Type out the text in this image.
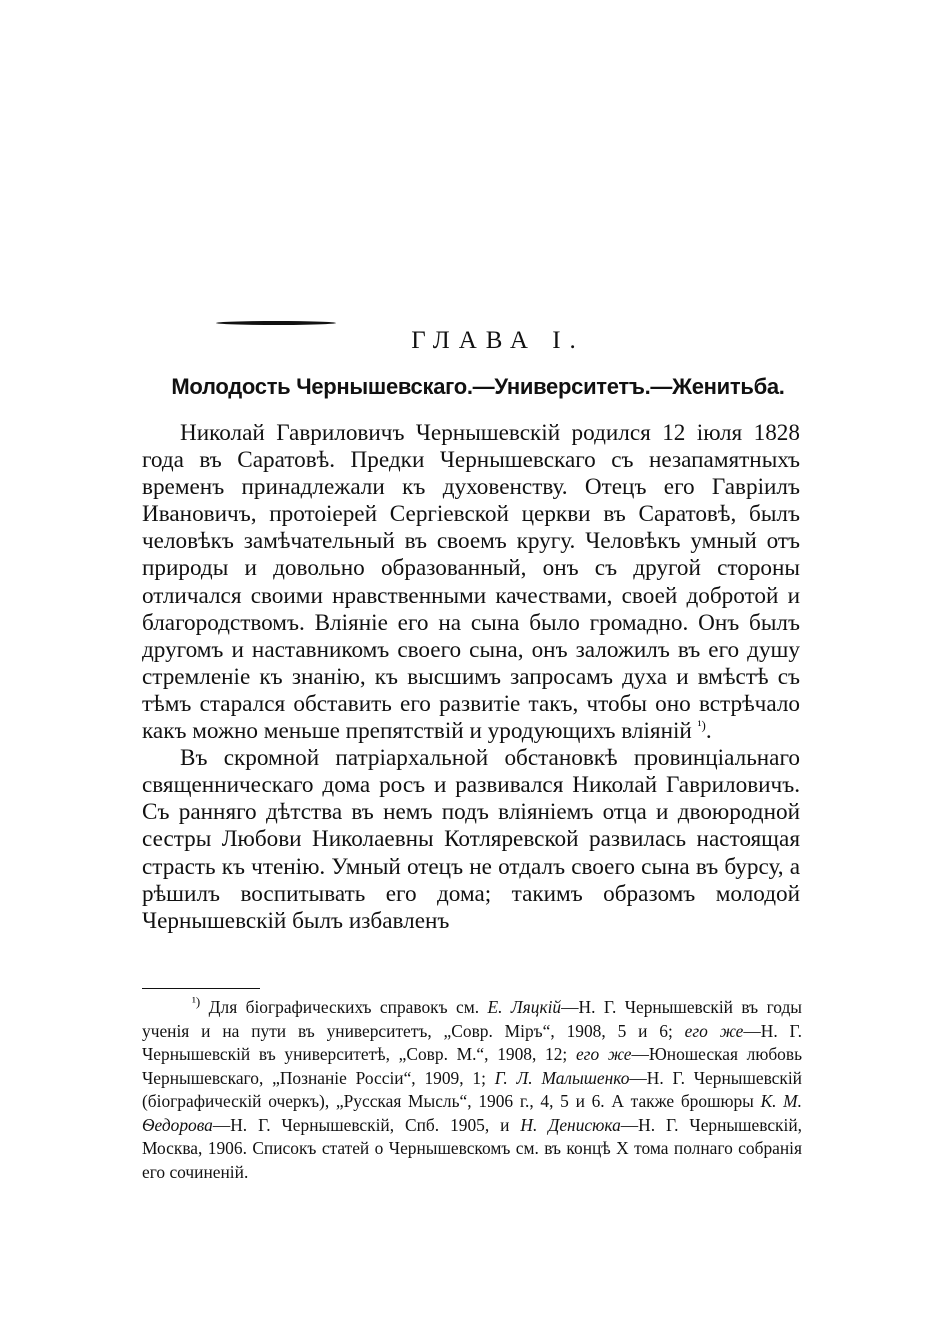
ГЛАВА I.
Молодость Чернышевскаго.—Университетъ.—Женитьба.

Николай Гавриловичъ Чернышевскій родился 12 іюля 1828 года въ Саратовѣ. Предки Чернышевскаго съ незапамятныхъ временъ принадлежали къ духовенству. Отецъ его Гавріилъ Ивановичъ, протоіерей Сергіевской церкви въ Саратовѣ, былъ человѣкъ замѣчательный въ своемъ кругу. Человѣкъ умный отъ природы и довольно образованный, онъ съ другой стороны отличался своими нравственными качествами, своей добротой и благородствомъ. Вліяніе его на сына было громадно. Онъ былъ другомъ и наставникомъ своего сына, онъ заложилъ въ его душу стремленіе къ знанію, къ высшимъ запросамъ духа и вмѣстѣ съ тѣмъ старался обставить его развитіе такъ, чтобы оно встрѣчало какъ можно меньше препятствій и уродующихъ вліяній $^{^1)}$.

Въ скромной патріархальной обстановкѣ провинціальнаго священническаго дома росъ и развивался Николай Гавриловичъ. Съ ранняго дѣтства въ немъ подъ вліяніемъ отца и двоюродной сестры Любови Николаевны Котляревской развилась настоящая страсть къ чтенію. Умный отецъ не отдалъ своего сына въ бурсу, а рѣшилъ воспитывать его дома; такимъ образомъ молодой Чернышевскій былъ избавленъ

$^{^1)}$ Для біографическихъ справокъ см. Е. Ляцкій—Н. Г. Чернышевскій въ годы ученія и на пути въ университетъ, „Совр. Міръ“, 1908, 5 и 6; его же—Н. Г. Чернышевскій въ университетѣ, „Совр. М.“, 1908, 12; его же—Юношеская любовь Чернышевскаго, „Познаніе Россіи“, 1909, 1; Г. Л. Малышенко—Н. Г. Чернышевскій (біографическій очеркъ), „Русская Мысль“, 1906 г., 4, 5 и 6. А также брошюры К. М. Ѳедорова—Н. Г. Чернышевскій, Спб. 1905, и Н. Денисюка—Н. Г. Чернышевскій, Москва, 1906. Списокъ статей о Чернышевскомъ см. въ концѣ X тома полнаго собранія его сочиненій.
